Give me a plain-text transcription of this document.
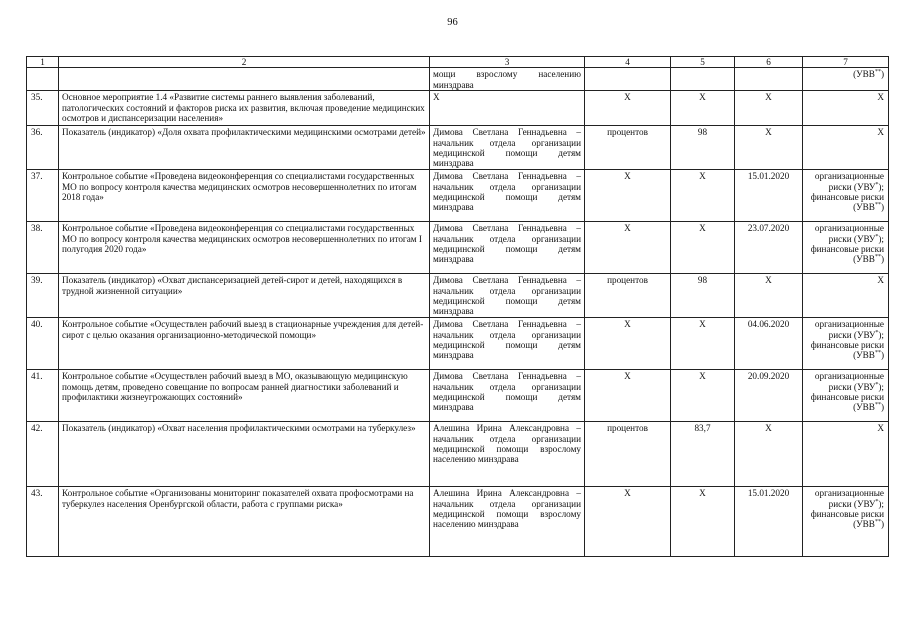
96
1	2	3	4	5	6	7
		мощи взрослому населению минздрава				(УВВ**)
35.	Основное мероприятие 1.4 «Развитие системы раннего выявления заболеваний, патологических состояний и факторов риска их развития, включая проведение медицинских осмотров и диспансеризации населения»	X	X	X	X	X
36.	Показатель (индикатор) «Доля охвата профилактическими медицинскими осмотрами детей»	Димова Светлана Геннадьевна – начальник отдела организации медицинской помощи детям минздрава	процентов	98	X	X
37.	Контрольное событие «Проведена видеоконференция со специалистами государственных МО по вопросу контроля качества медицинских осмотров несовершеннолетних по итогам 2018 года»	Димова Светлана Геннадьевна – начальник отдела организации медицинской помощи детям минздрава	X	X	15.01.2020	организационные риски (УВУ*); финансовые риски (УВВ**)
38.	Контрольное событие «Проведена видеоконференция со специалистами государственных МО по вопросу контроля качества медицинских осмотров несовершеннолетних по итогам I полугодия 2020 года»	Димова Светлана Геннадьевна – начальник отдела организации медицинской помощи детям минздрава	X	X	23.07.2020	организационные риски (УВУ*); финансовые риски (УВВ**)
39.	Показатель (индикатор) «Охват диспансеризацией детей-сирот и детей, находящихся в трудной жизненной ситуации»	Димова Светлана Геннадьевна – начальник отдела организации медицинской помощи детям минздрава	процентов	98	X	X
40.	Контрольное событие «Осуществлен рабочий выезд в стационарные учреждения для детей-сирот с целью оказания организационно-методической помощи»	Димова Светлана Геннадьевна – начальник отдела организации медицинской помощи детям минздрава	X	X	04.06.2020	организационные риски (УВУ*); финансовые риски (УВВ**)
41.	Контрольное событие «Осуществлен рабочий выезд в МО, оказывающую медицинскую помощь детям, проведено совещание по вопросам ранней диагностики заболеваний и профилактики жизнеугрожающих состояний»	Димова Светлана Геннадьевна – начальник отдела организации медицинской помощи детям минздрава	X	X	20.09.2020	организационные риски (УВУ*); финансовые риски (УВВ**)
42.	Показатель (индикатор) «Охват населения профилактическими осмотрами на туберкулез»	Алешина Ирина Александровна – начальник отдела организации медицинской помощи взрослому населению минздрава	процентов	83,7	X	X
43.	Контрольное событие «Организованы мониторинг показателей охвата профосмотрами на туберкулез населения Оренбургской области, работа с группами риска»	Алешина Ирина Александровна – начальник отдела организации медицинской помощи взрослому населению минздрава	X	X	15.01.2020	организационные риски (УВУ*); финансовые риски (УВВ**)
